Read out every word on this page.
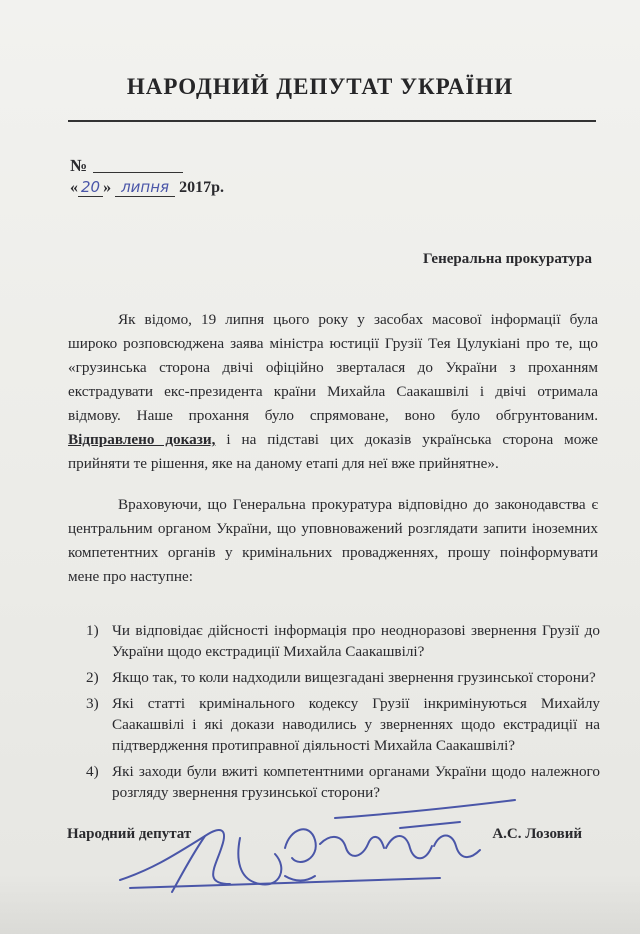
НАРОДНИЙ ДЕПУТАТ УКРАЇНИ
№
« 20 » липня 2017р.
Генеральна прокуратура

Як відомо, 19 липня цього року у засобах масової інформації була широко розповсюджена заява міністра юстиції Грузії Тея Цулукіані про те, що «грузинська сторона двічі офіційно зверталася до України з проханням екстрадувати екс-президента країни Михайла Саакашвілі і двічі отримала відмову. Наше прохання було спрямоване, воно було обгрунтованим. Відправлено докази, і на підставі цих доказів українська сторона може прийняти те рішення, яке на даному етапі для неї вже прийнятне».

Враховуючи, що Генеральна прокуратура відповідно до законодавства є центральним органом України, що уповноважений розглядати запити іноземних компетентних органів у кримінальних провадженнях, прошу поінформувати мене про наступне:

1) Чи відповідає дійсності інформація про неодноразові звернення Грузії до України щодо екстрадиції Михайла Саакашвілі?
2) Якщо так, то коли надходили вищезгадані звернення грузинської сторони?
3) Які статті кримінального кодексу Грузії інкримінуються Михайлу Саакашвілі і які докази наводились у зверненнях щодо екстрадиції на підтвердження протиправної діяльності Михайла Саакашвілі?
4) Які заходи були вжиті компетентними органами України щодо належного розгляду звернення грузинської сторони?
Народний депутат	А.С. Лозовий
